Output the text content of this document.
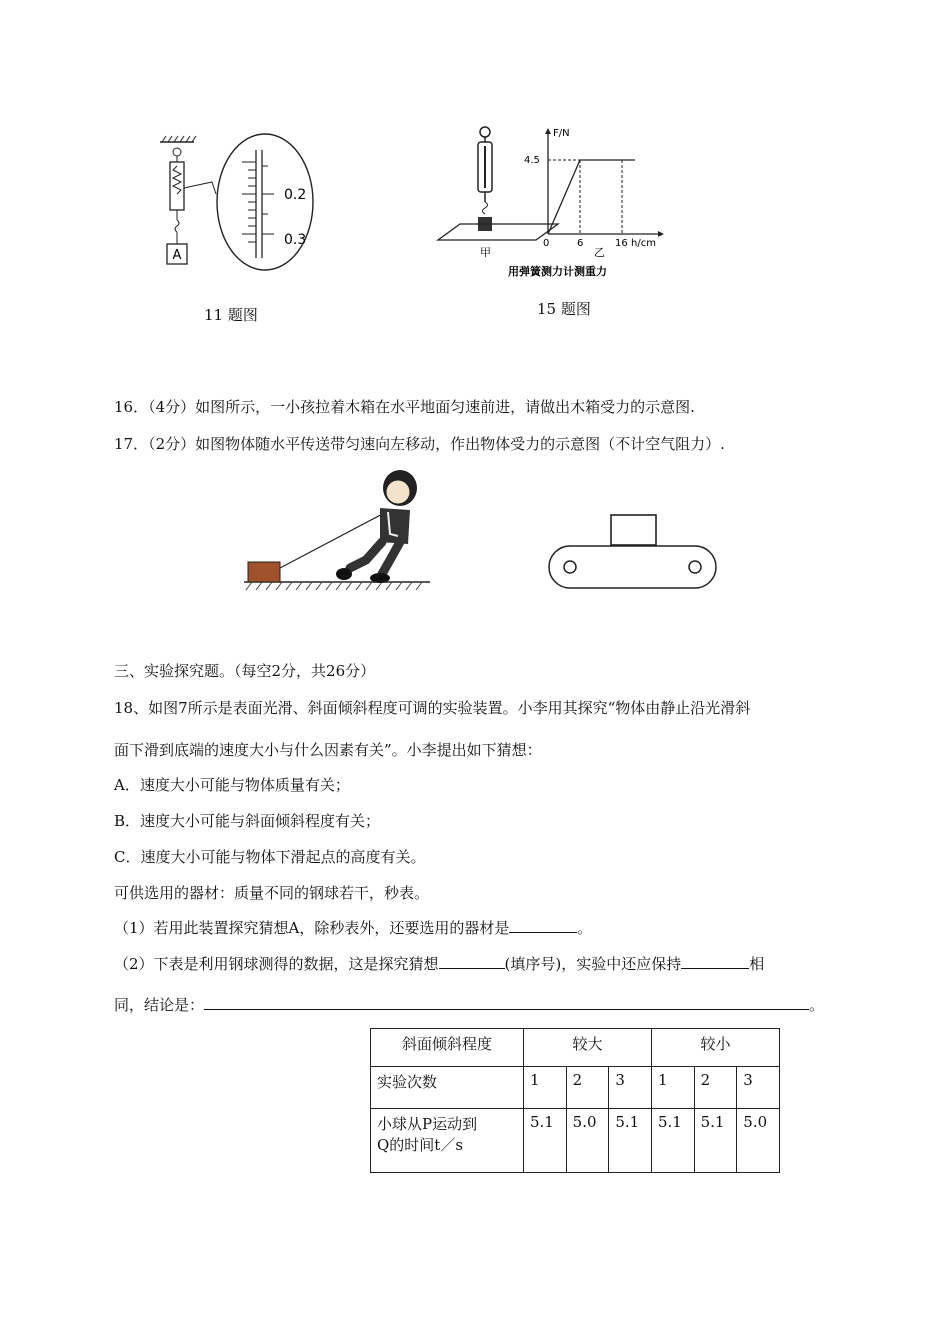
A
0.2
0.3
11 题图
甲
F/N
4.5
0	6	16 h/cm
乙
用弹簧测力计测重力
15 题图
16．（4分）如图所示，一小孩拉着木箱在水平地面匀速前进，请做出木箱受力的示意图.
17．（2分）如图物体随水平传送带匀速向左移动，作出物体受力的示意图（不计空气阻力）.
三、实验探究题。（每空2分，共26分）
18、如图7所示是表面光滑、斜面倾斜程度可调的实验装置。小李用其探究“物体由静止沿光滑斜
面下滑到底端的速度大小与什么因素有关”。小李提出如下猜想：
A．速度大小可能与物体质量有关；
B．速度大小可能与斜面倾斜程度有关；
C．速度大小可能与物体下滑起点的高度有关。
可供选用的器材：质量不同的钢球若干，秒表。
（1）若用此装置探究猜想A，除秒表外，还要选用的器材是	。
（2）下表是利用钢球测得的数据，这是探究猜想	(填序号)，实验中还应保持	相
同，结论是：	。
斜面倾斜程度	较大			较小		
实验次数	1	2	3	1	2	3

小球从P运动到
Q的时间t／s	5.1	5.0	5.1	5.1	5.1	5.0
